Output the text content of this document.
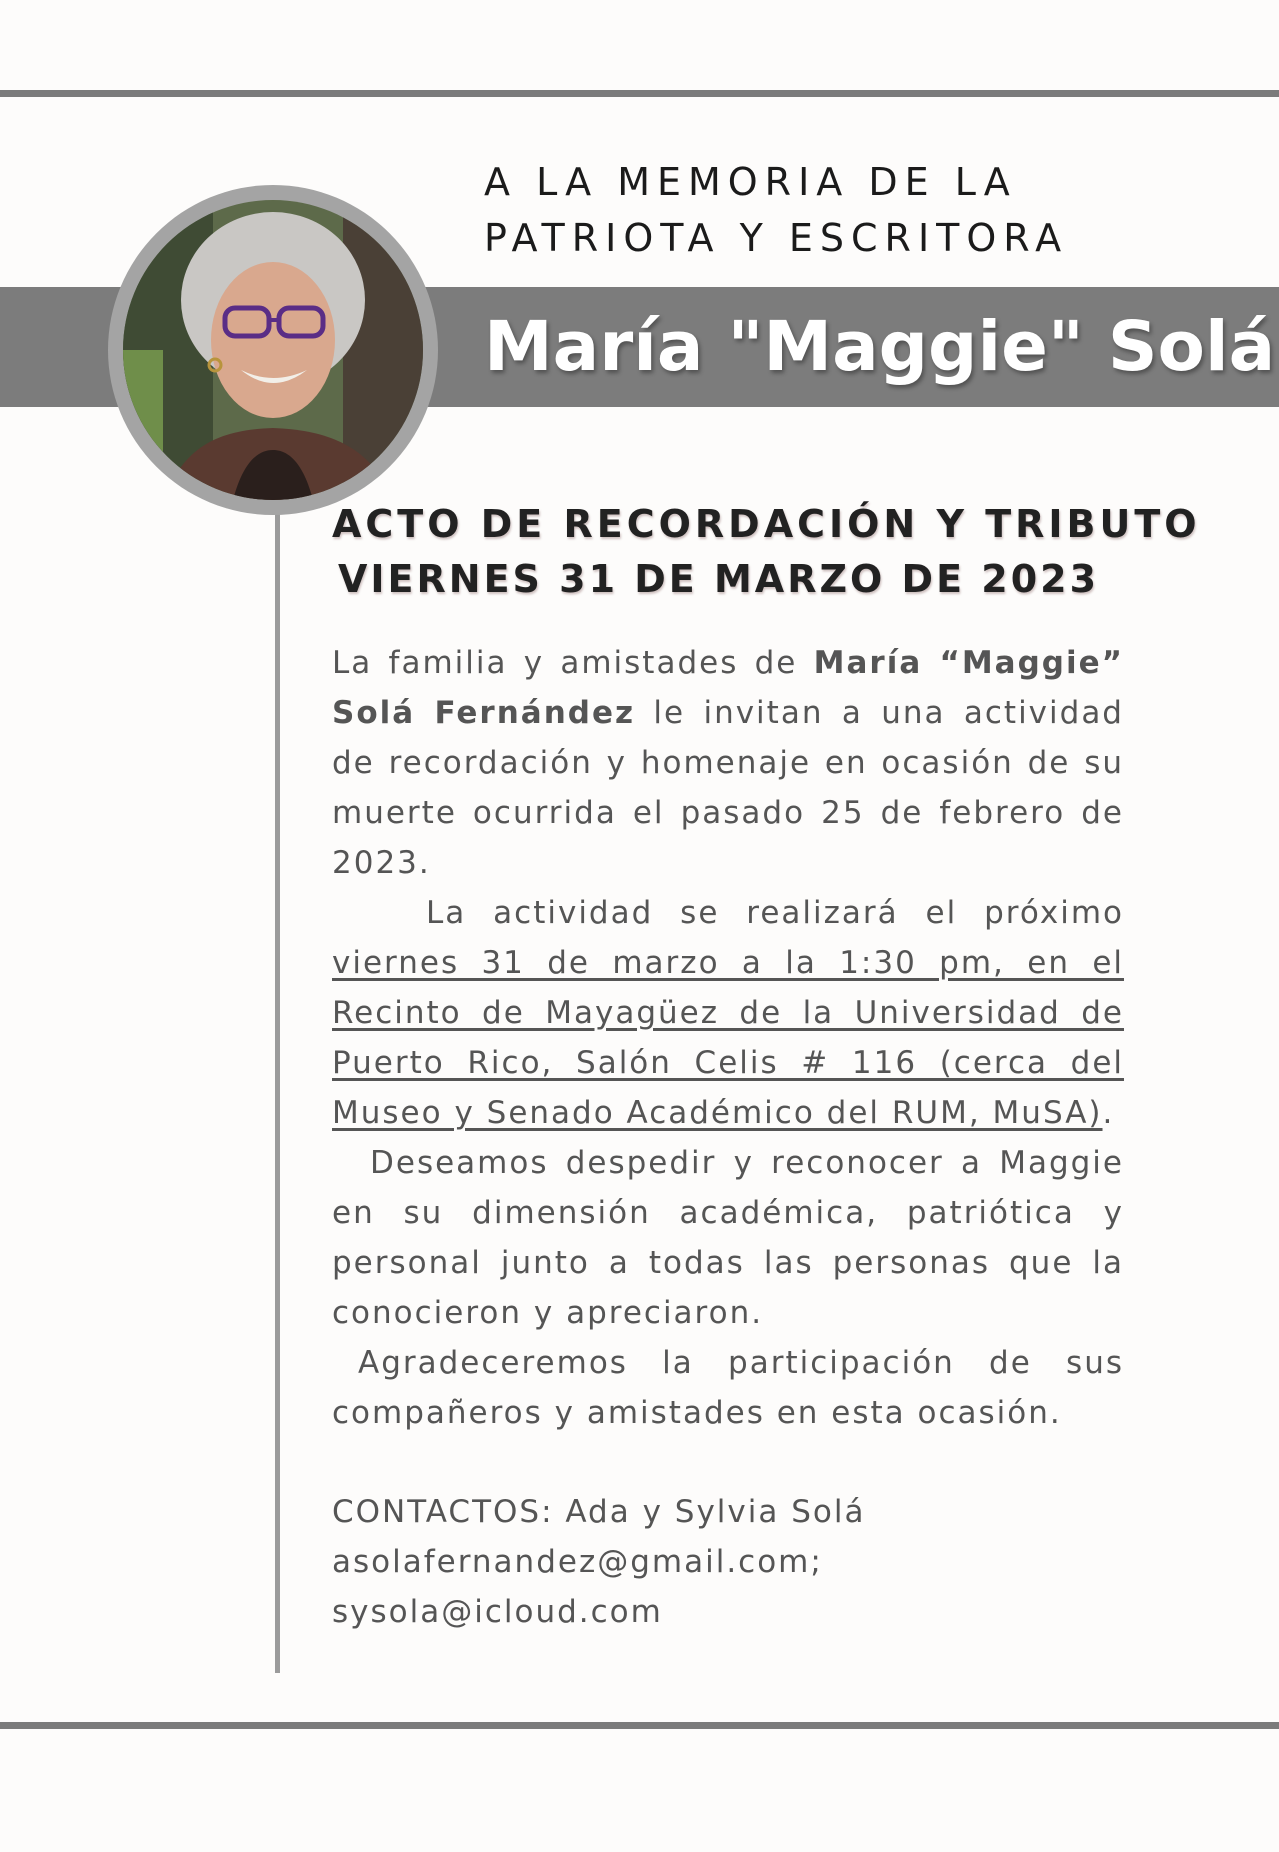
A LA MEMORIA DE LA
PATRIOTA Y ESCRITORA
María "Maggie" Solá
ACTO DE RECORDACIÓN Y TRIBUTO
VIERNES 31 DE MARZO DE 2023

La familia y amistades de María “Maggie” Solá Fernández le invitan a una actividad de recordación y homenaje en ocasión de su muerte ocurrida el pasado 25 de febrero de 2023.

La actividad se realizará el próximo viernes 31 de marzo a la 1:30 pm, en el Recinto de Mayagüez de la Universidad de Puerto Rico, Salón Celis # 116 (cerca del Museo y Senado Académico del RUM, MuSA).

Deseamos despedir y reconocer a Maggie en su dimensión académica, patriótica y personal junto a todas las personas que la conocieron y apreciaron.

Agradeceremos la participación de sus compañeros y amistades en esta ocasión.

CONTACTOS: Ada y Sylvia Solá
asolafernandez@gmail.com;
sysola@icloud.com
